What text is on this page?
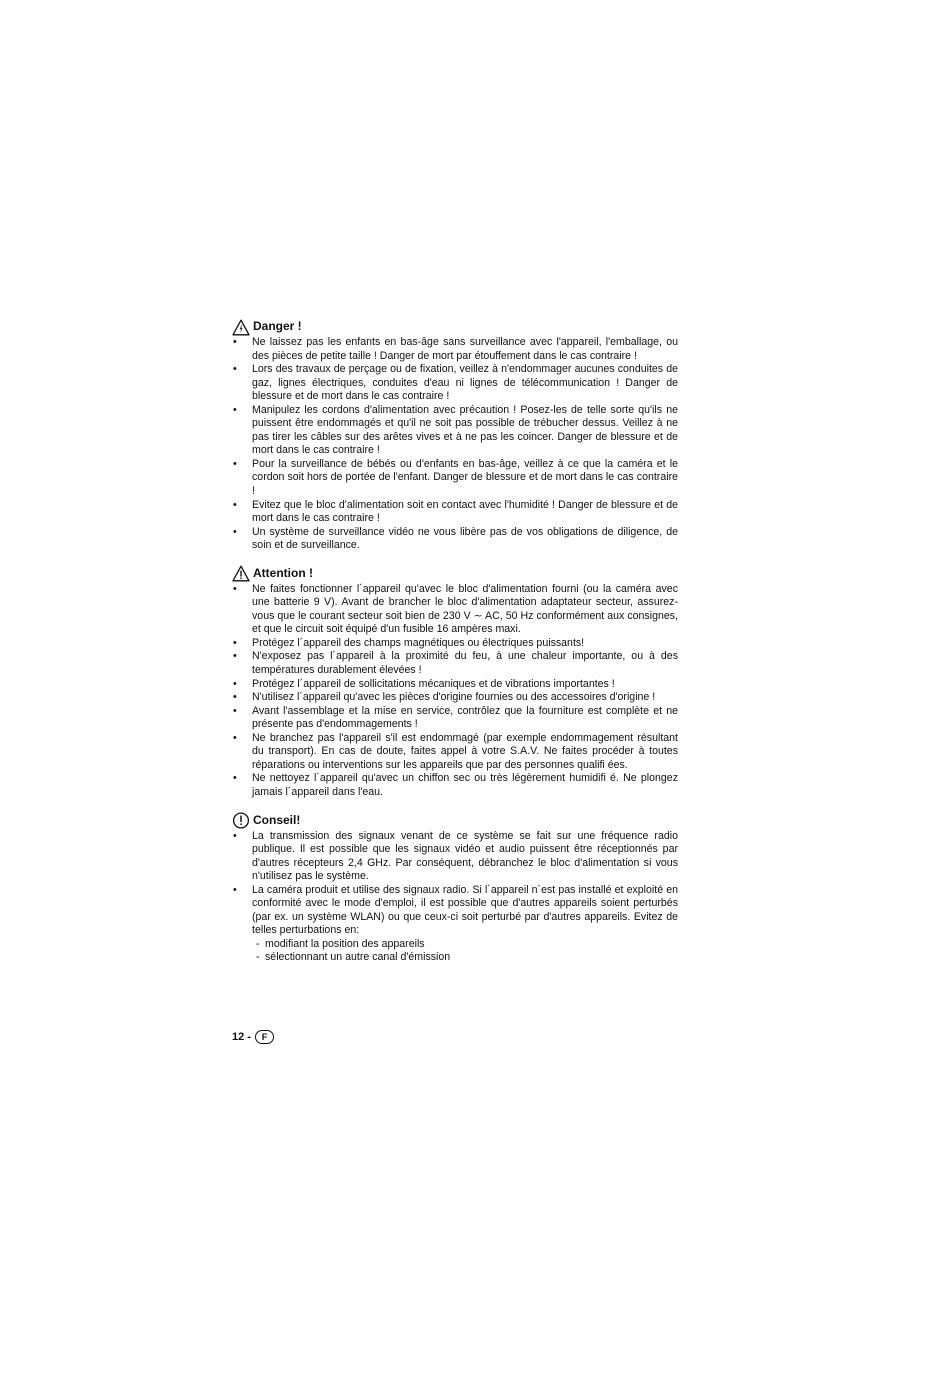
Danger !
• Ne laissez pas les enfants en bas-âge sans surveillance avec l'appareil, l'emballage, ou des pièces de petite taille ! Danger de mort par étouffement dans le cas contraire !
• Lors des travaux de perçage ou de fixation, veillez à n'endommager aucunes conduites de gaz, lignes électriques, conduites d'eau ni lignes de télécommunication ! Danger de blessure et de mort dans le cas contraire !
• Manipulez les cordons d'alimentation avec précaution ! Posez-les de telle sorte qu'ils ne puissent être endommagés et qu'il ne soit pas possible de trébucher dessus. Veillez à ne pas tirer les câbles sur des arêtes vives et à ne pas les coincer. Danger de blessure et de mort dans le cas contraire !
• Pour la surveillance de bébés ou d'enfants en bas-âge, veillez à ce que la caméra et le cordon soit hors de portée de l'enfant. Danger de blessure et de mort dans le cas contraire !
• Evitez que le bloc d'alimentation soit en contact avec l'humidité ! Danger de blessure et de mort dans le cas contraire !
• Un système de surveillance vidéo ne vous libère pas de vos obligations de diligence, de soin et de surveillance.
Attention !
• Ne faites fonctionner l´appareil qu'avec le bloc d'alimentation fourni (ou la caméra avec une batterie 9 V). Avant de brancher le bloc d'alimentation adaptateur secteur, assurez-vous que le courant secteur soit bien de 230 V ∼ AC, 50 Hz conformément aux consignes, et que le circuit soit équipé d'un fusible 16 ampères maxi.
• Protégez l´appareil des champs magnétiques ou électriques puissants!
• N'exposez pas l´appareil à la proximité du feu, à une chaleur importante, ou à des températures durablement élevées !
• Protégez l´appareil de sollicitations mécaniques et de vibrations importantes !
• N'utilisez l´appareil qu'avec les pièces d'origine fournies ou des accessoires d'origine !
• Avant l'assemblage et la mise en service, contrôlez que la fourniture est complète et ne présente pas d'endommagements !
• Ne branchez pas l'appareil s'il est endommagé (par exemple endommagement résultant du transport). En cas de doute, faites appel à votre S.A.V. Ne faites procéder à toutes réparations ou interventions sur les appareils que par des personnes qualifi ées.
• Ne nettoyez l´appareil qu'avec un chiffon sec ou très légèrement humidifi é. Ne plongez jamais l´appareil dans l'eau.
Conseil!
• La transmission des signaux venant de ce système se fait sur une fréquence radio publique. Il est possible que les signaux vidéo et audio puissent être réceptionnés par d'autres récepteurs 2,4 GHz. Par conséquent, débranchez le bloc d'alimentation si vous n'utilisez pas le système.
• La caméra produit et utilise des signaux radio. Si l´appareil n´est pas installé et exploité en conformité avec le mode d'emploi, il est possible que d'autres appareils soient perturbés (par ex. un système WLAN) ou que ceux-ci soit perturbé par d'autres appareils. Evitez de telles perturbations en:
- modifiant la position des appareils
- sélectionnant un autre canal d'émission
12 -	F
